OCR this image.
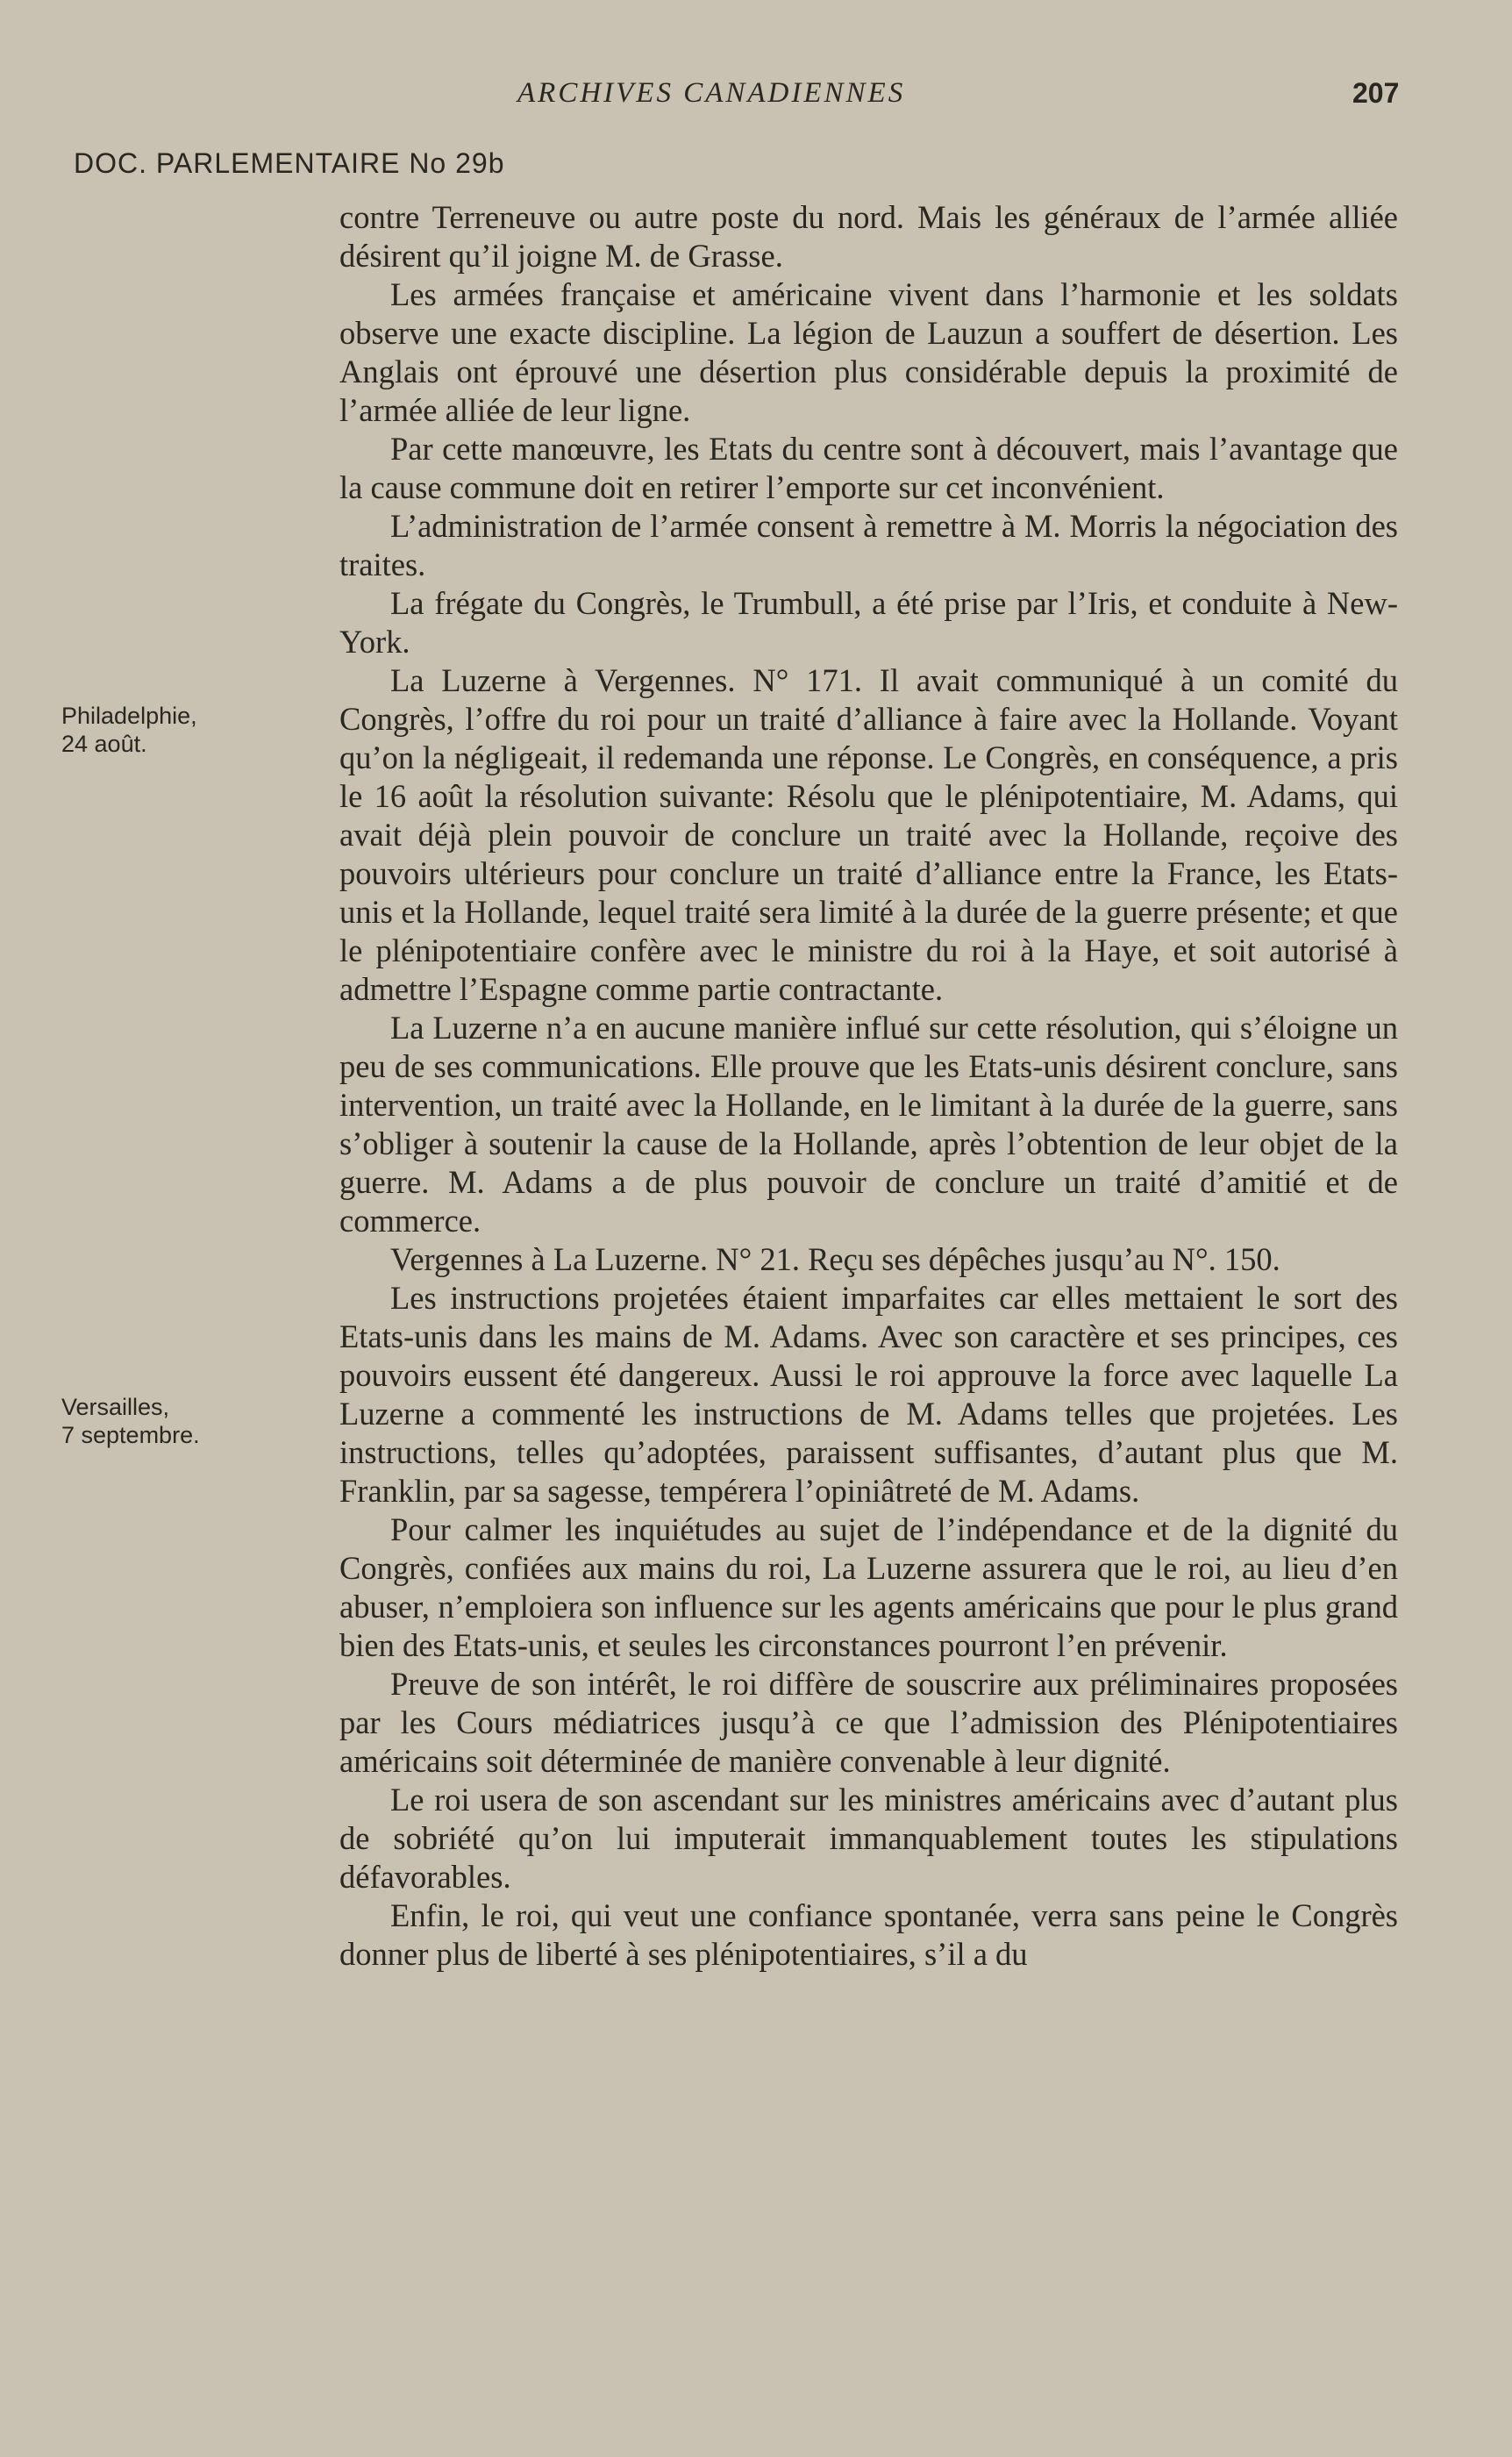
ARCHIVES CANADIENNES	207
DOC. PARLEMENTAIRE No 29b
Philadelphie,
24 août.
Versailles,
7 septembre.

contre Terreneuve ou autre poste du nord. Mais les généraux de l’armée alliée désirent qu’il joigne M. de Grasse.

Les armées française et américaine vivent dans l’harmonie et les soldats observe une exacte discipline. La légion de Lauzun a souffert de désertion. Les Anglais ont éprouvé une désertion plus considérable depuis la proximité de l’armée alliée de leur ligne.

Par cette manœuvre, les Etats du centre sont à découvert, mais l’avantage que la cause commune doit en retirer l’emporte sur cet inconvénient.

L’administration de l’armée consent à remettre à M. Morris la négociation des traites.

La frégate du Congrès, le Trumbull, a été prise par l’Iris, et conduite à New-York.

La Luzerne à Vergennes. N° 171. Il avait communiqué à un comité du Congrès, l’offre du roi pour un traité d’alliance à faire avec la Hollande. Voyant qu’on la négligeait, il redemanda une réponse. Le Congrès, en conséquence, a pris le 16 août la résolution suivante: Résolu que le plénipotentiaire, M. Adams, qui avait déjà plein pouvoir de conclure un traité avec la Hollande, reçoive des pouvoirs ultérieurs pour conclure un traité d’alliance entre la France, les Etats-unis et la Hollande, lequel traité sera limité à la durée de la guerre présente; et que le plénipotentiaire confère avec le ministre du roi à la Haye, et soit autorisé à admettre l’Espagne comme partie contractante.

La Luzerne n’a en aucune manière influé sur cette résolution, qui s’éloigne un peu de ses communications. Elle prouve que les Etats-unis désirent conclure, sans intervention, un traité avec la Hollande, en le limitant à la durée de la guerre, sans s’obliger à soutenir la cause de la Hollande, après l’obtention de leur objet de la guerre. M. Adams a de plus pouvoir de conclure un traité d’amitié et de commerce.

Vergennes à La Luzerne. N° 21. Reçu ses dépêches jusqu’au N°. 150.

Les instructions projetées étaient imparfaites car elles mettaient le sort des Etats-unis dans les mains de M. Adams. Avec son caractère et ses principes, ces pouvoirs eussent été dangereux. Aussi le roi approuve la force avec laquelle La Luzerne a commenté les instructions de M. Adams telles que projetées. Les instructions, telles qu’adoptées, paraissent suffisantes, d’autant plus que M. Franklin, par sa sagesse, tempérera l’opiniâtreté de M. Adams.

Pour calmer les inquiétudes au sujet de l’indépendance et de la dignité du Congrès, confiées aux mains du roi, La Luzerne assurera que le roi, au lieu d’en abuser, n’emploiera son influence sur les agents américains que pour le plus grand bien des Etats-unis, et seules les circonstances pourront l’en prévenir.

Preuve de son intérêt, le roi diffère de souscrire aux préliminaires proposées par les Cours médiatrices jusqu’à ce que l’admission des Plénipotentiaires américains soit déterminée de manière convenable à leur dignité.

Le roi usera de son ascendant sur les ministres américains avec d’autant plus de sobriété qu’on lui imputerait immanquablement toutes les stipulations défavorables.

Enfin, le roi, qui veut une confiance spontanée, verra sans peine le Congrès donner plus de liberté à ses plénipotentiaires, s’il a du
